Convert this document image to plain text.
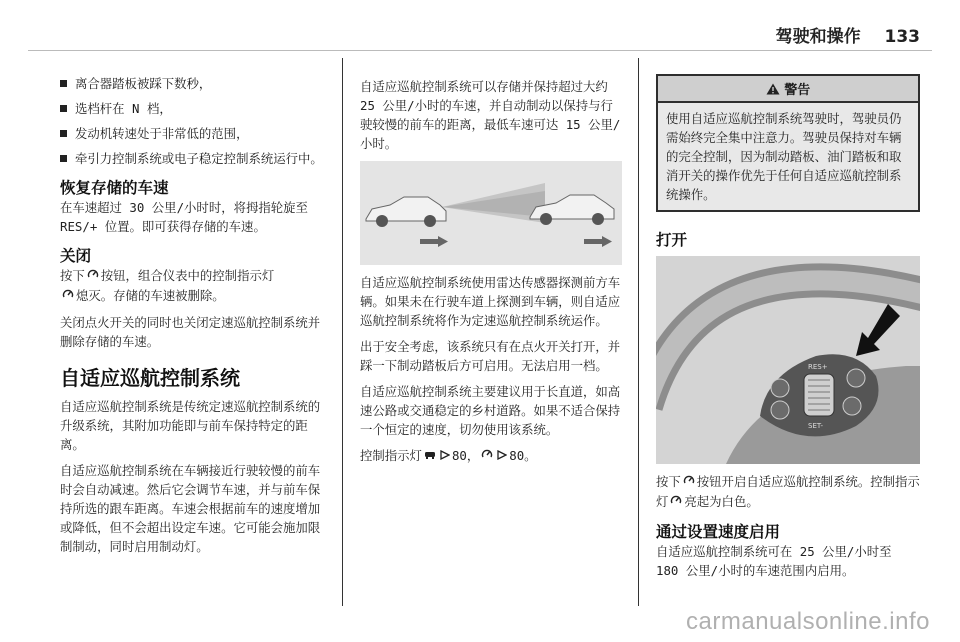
驾驶和操作 133
离合器踏板被踩下数秒，
选档杆在 N 档，
发动机转速处于非常低的范围，
牵引力控制系统或电子稳定控制系统运行中。
恢复存储的车速

在车速超过 30 公里/小时时，将拇指轮旋至 RES/+ 位置。即可获得存储的车速。

关闭

按下 按钮，组合仪表中的控制指示灯
熄灭。存储的车速被删除。

关闭点火开关的同时也关闭定速巡航控制系统并删除存储的车速。

自适应巡航控制系统

自适应巡航控制系统是传统定速巡航控制系统的升级系统，其附加功能即与前车保持特定的距离。

自适应巡航控制系统在车辆接近行驶较慢的前车时会自动减速。然后它会调节车速，并与前车保持所选的跟车距离。车速会根据前车的速度增加或降低，但不会超出设定车速。它可能会施加限制制动，同时启用制动灯。

自适应巡航控制系统可以存储并保持超过大约 25 公里/小时的车速，并自动制动以保持与行驶较慢的前车的距离，最低车速可达 15 公里/小时。

自适应巡航控制系统使用雷达传感器探测前方车辆。如果未在行驶车道上探测到车辆，则自适应巡航控制系统将作为定速巡航控制系统运作。

出于安全考虑，该系统只有在点火开关打开，并踩一下制动踏板后方可启用。无法启用一档。

自适应巡航控制系统主要建议用于长直道，如高速公路或交通稳定的乡村道路。如果不适合保持一个恒定的速度，切勿使用该系统。

控制指示灯 80， 80。

警告

使用自适应巡航控制系统驾驶时，驾驶员仍需始终完全集中注意力。驾驶员保持对车辆的完全控制，因为制动踏板、油门踏板和取消开关的操作优先于任何自适应巡航控制系统操作。

打开
RES+
SET-

按下 按钮开启自适应巡航控制系统。控制指示灯 亮起为白色。

通过设置速度启用

自适应巡航控制系统可在 25 公里/小时至 180 公里/小时的车速范围内启用。

carmanualsonline.info
